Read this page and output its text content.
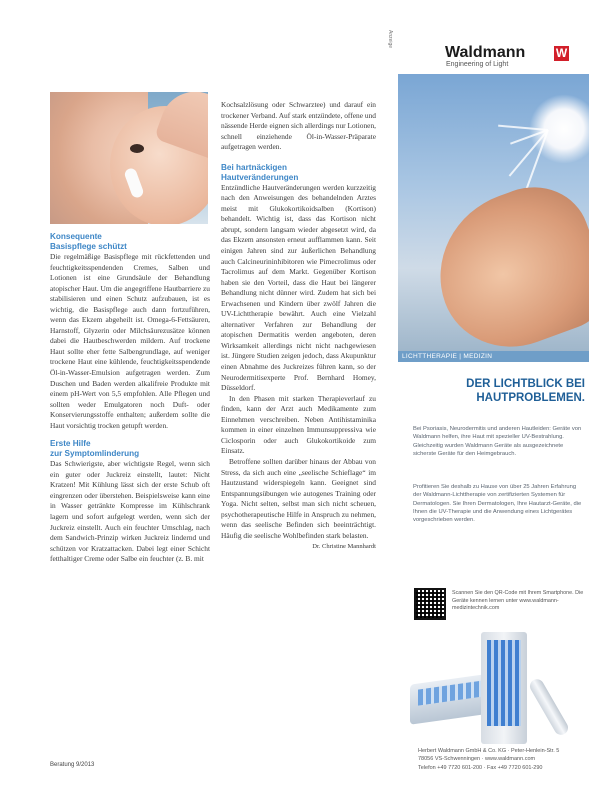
Konsequente
Basispflege schützt

Die regelmäßige Basispflege mit rückfettenden und feuchtigkeitsspendenden Cremes, Salben und Lotionen ist eine Grundsäule der Behandlung atopischer Haut. Um die angegriffene Hautbarriere zu stabilisieren und einen Schutz aufzubauen, ist es wichtig, die Basispflege auch dann fortzuführen, wenn das Ekzem abgeheilt ist. Omega-6-Fettsäuren, Harnstoff, Glyzerin oder Milchsäurezusätze können dabei die Hautbeschwerden mildern. Auf trockene Haut sollte eher fette Salbengrundlage, auf weniger trockene Haut eine kühlende, feuchtigkeitsspendende Öl-in-Wasser-Emulsion aufgetragen werden. Zum Duschen und Baden werden alkalifreie Produkte mit einem pH-Wert von 5,5 empfohlen. Alle Pflegen und sollten weder Emulgatoren noch Duft- oder Konservierungsstoffe enthalten; außerdem sollte die Haut vorsichtig trocken getupft werden.

Erste Hilfe
zur Symptomlinderung

Das Schwierigste, aber wichtigste Regel, wenn sich ein guter oder Juckreiz einstellt, lautet: Nicht Kratzen! Mit Kühlung lässt sich der erste Schub oft eingrenzen oder überstehen. Beispielsweise kann eine in Wasser getränkte Kompresse im Kühlschrank lagern und sofort aufgelegt werden, wenn sich der Juckreiz einstellt. Auch ein feuchter Umschlag, nach dem Sandwich-Prinzip wirken Juckreiz lindernd und schützen vor Kratzattacken. Dabei legt einer Schicht fetthaltiger Creme oder Salbe ein feuchter (z. B. mit

Kochsalzlösung oder Schwarztee) und darauf ein trockener Verband. Auf stark entzündete, offene und nässende Herde eignen sich allerdings nur Lotionen, schnell einziehende Öl-in-Wasser-Präparate aufgetragen werden.

Bei hartnäckigen
Hautveränderungen

Entzündliche Hautveränderungen werden kurzzeitig nach den Anweisungen des behandelnden Arztes meist mit Glukokortikoidsalben (Kortison) behandelt. Wichtig ist, dass das Kortison nicht abrupt, sondern langsam wieder abgesetzt wird, da das Ekzem ansonsten erneut aufflammen kann. Seit einigen Jahren sind zur äußerlichen Behandlung auch Calcineurininhibitoren wie Pimecrolimus oder Tacrolimus auf dem Markt. Gegenüber Kortison haben sie den Vorteil, dass die Haut bei längerer Behandlung nicht dünner wird. Zudem hat sich bei Erwachsenen und Kindern über zwölf Jahren die UV-Lichttherapie bewährt. Auch eine Vielzahl alternativer Verfahren zur Behandlung der atopischen Dermatitis werden angeboten, deren Wirksamkeit allerdings nicht nicht nachgewiesen ist. Jüngere Studien zeigen jedoch, dass Akupunktur einen Abnahme des Juckreizes führen kann, so der Neurodermitisexperte Prof. Bernhard Homey, Düsseldorf.

In den Phasen mit starken Therapieverlauf zu finden, kann der Arzt auch Medikamente zum Einnehmen verschreiben. Neben Antihistaminika kommen in einer einzelnen Immunsuppressiva wie Ciclosporin oder auch Glukokortikoide zum Einsatz.

Betroffene sollten darüber hinaus der Abbau von Stress, da sich auch eine „seelische Schieflage“ im Hautzustand widerspiegeln kann. Geeignet sind Entspannungsübungen wie autogenes Training oder Yoga. Nicht selten, selbst man sich nicht scheuen, psychotherapeutische Hilfe in Anspruch zu nehmen, wenn das seelische Befinden sich beeinträchtigt. Häufig die seelische Wohlbefinden stark belasten.

Dr. Christine Mannhardt
Beratung 9/2013
Anzeige
Waldmann	W
Engineering of Light
LICHTTHERAPIE | MEDIZIN
DER LICHTBLICK BEI
HAUTPROBLEMEN.
Bei Psoriasis, Neurodermitis und anderen Hautleiden: Geräte von Waldmann helfen, ihre Haut mit spezieller UV-Bestrahlung. Gleichzeitig wurden Waldmann Geräte als ausgezeichnete sicherste Geräte für den Heimgebrauch.
Profitieren Sie deshalb zu Hause von über 25 Jahren Erfahrung der Waldmann-Lichttherapie von zertifizierten Systemen für Dermatologen. Sie Ihren Dermatologen, Ihre Hautarzt-Geräte, die Ihnen die UV-Therapie und die Anwendung eines Lichtgerätes vorgeschrieben werden.
Scannen Sie den QR-Code mit Ihrem Smartphone. Die Geräte kennen lernen unter www.waldmann-medizintechnik.com
Herbert Waldmann GmbH & Co. KG · Peter-Henlein-Str. 5
78056 VS-Schwenningen · www.waldmann.com
Telefon +49 7720 601-200 · Fax +49 7720 601-290
